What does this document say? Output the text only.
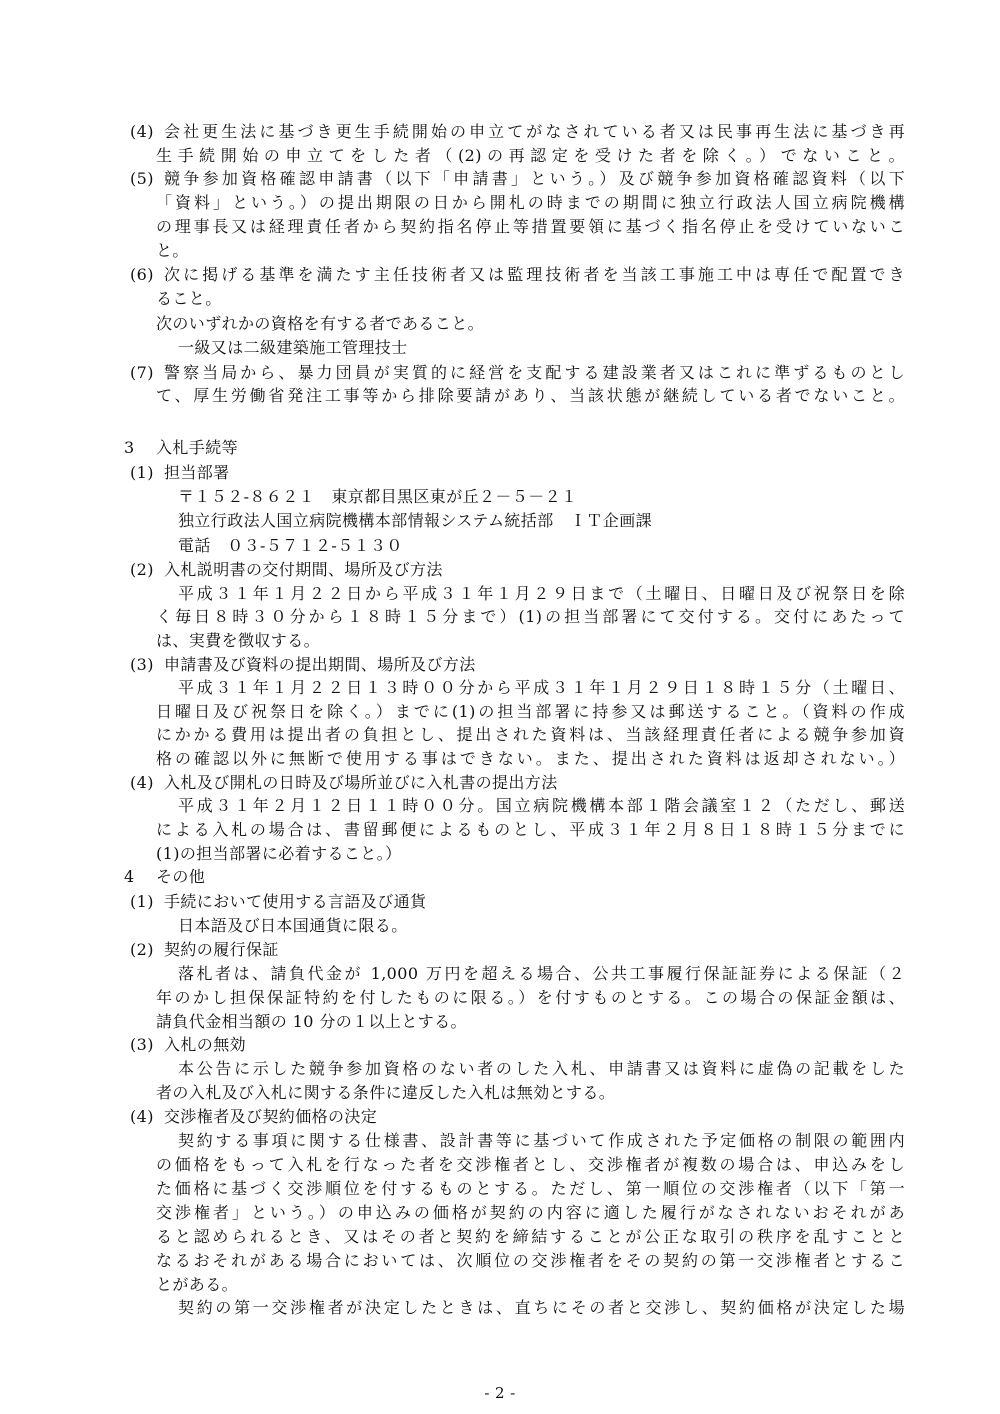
(4) 会社更生法に基づき更生手続開始の申立てがなされている者又は民事再生法に基づき再
生手続開始の申立てをした者（(2)の再認定を受けた者を除く。）でないこと。
(5) 競争参加資格確認申請書（以下「申請書」という。）及び競争参加資格確認資料（以下
「資料」という。）の提出期限の日から開札の時までの期間に独立行政法人国立病院機構
の理事長又は経理責任者から契約指名停止等措置要領に基づく指名停止を受けていないこ
と。
(6) 次に掲げる基準を満たす主任技術者又は監理技術者を当該工事施工中は専任で配置でき
ること。
次のいずれかの資格を有する者であること。
一級又は二級建築施工管理技士
(7) 警察当局から、暴力団員が実質的に経営を支配する建設業者又はこれに準ずるものとし
て、厚生労働省発注工事等から排除要請があり、当該状態が継続している者でないこと。
3 入札手続等
(1) 担当部署
〒１５２-８６２１　東京都目黒区東が丘２－５－２１
独立行政法人国立病院機構本部情報システム統括部　ＩＴ企画課
電話　０３-５７１２-５１３０
(2) 入札説明書の交付期間、場所及び方法
平成３１年１月２２日から平成３１年１月２９日まで（土曜日、日曜日及び祝祭日を除
く毎日８時３０分から１８時１５分まで）(1)の担当部署にて交付する。交付にあたって
は、実費を徴収する。
(3) 申請書及び資料の提出期間、場所及び方法
平成３１年１月２２日１３時００分から平成３１年１月２９日１８時１５分（土曜日、
日曜日及び祝祭日を除く。）までに(1)の担当部署に持参又は郵送すること。（資料の作成
にかかる費用は提出者の負担とし、提出された資料は、当該経理責任者による競争参加資
格の確認以外に無断で使用する事はできない。また、提出された資料は返却されない。）
(4) 入札及び開札の日時及び場所並びに入札書の提出方法
平成３１年２月１２日１１時００分。国立病院機構本部１階会議室１２（ただし、郵送
による入札の場合は、書留郵便によるものとし、平成３１年２月８日１８時１５分までに
(1)の担当部署に必着すること。）
4 その他
(1) 手続において使用する言語及び通貨
日本語及び日本国通貨に限る。
(2) 契約の履行保証
落札者は、請負代金が 1,000 万円を超える場合、公共工事履行保証証券による保証（２
年のかし担保保証特約を付したものに限る。）を付すものとする。この場合の保証金額は、
請負代金相当額の 10 分の１以上とする。
(3) 入札の無効
本公告に示した競争参加資格のない者のした入札、申請書又は資料に虚偽の記載をした
者の入札及び入札に関する条件に違反した入札は無効とする。
(4) 交渉権者及び契約価格の決定
契約する事項に関する仕様書、設計書等に基づいて作成された予定価格の制限の範囲内
の価格をもって入札を行なった者を交渉権者とし、交渉権者が複数の場合は、申込みをし
た価格に基づく交渉順位を付するものとする。ただし、第一順位の交渉権者（以下「第一
交渉権者」という。）の申込みの価格が契約の内容に適した履行がなされないおそれがあ
ると認められるとき、又はその者と契約を締結することが公正な取引の秩序を乱すことと
なるおそれがある場合においては、次順位の交渉権者をその契約の第一交渉権者とするこ
とがある。
契約の第一交渉権者が決定したときは、直ちにその者と交渉し、契約価格が決定した場
- 2 -
